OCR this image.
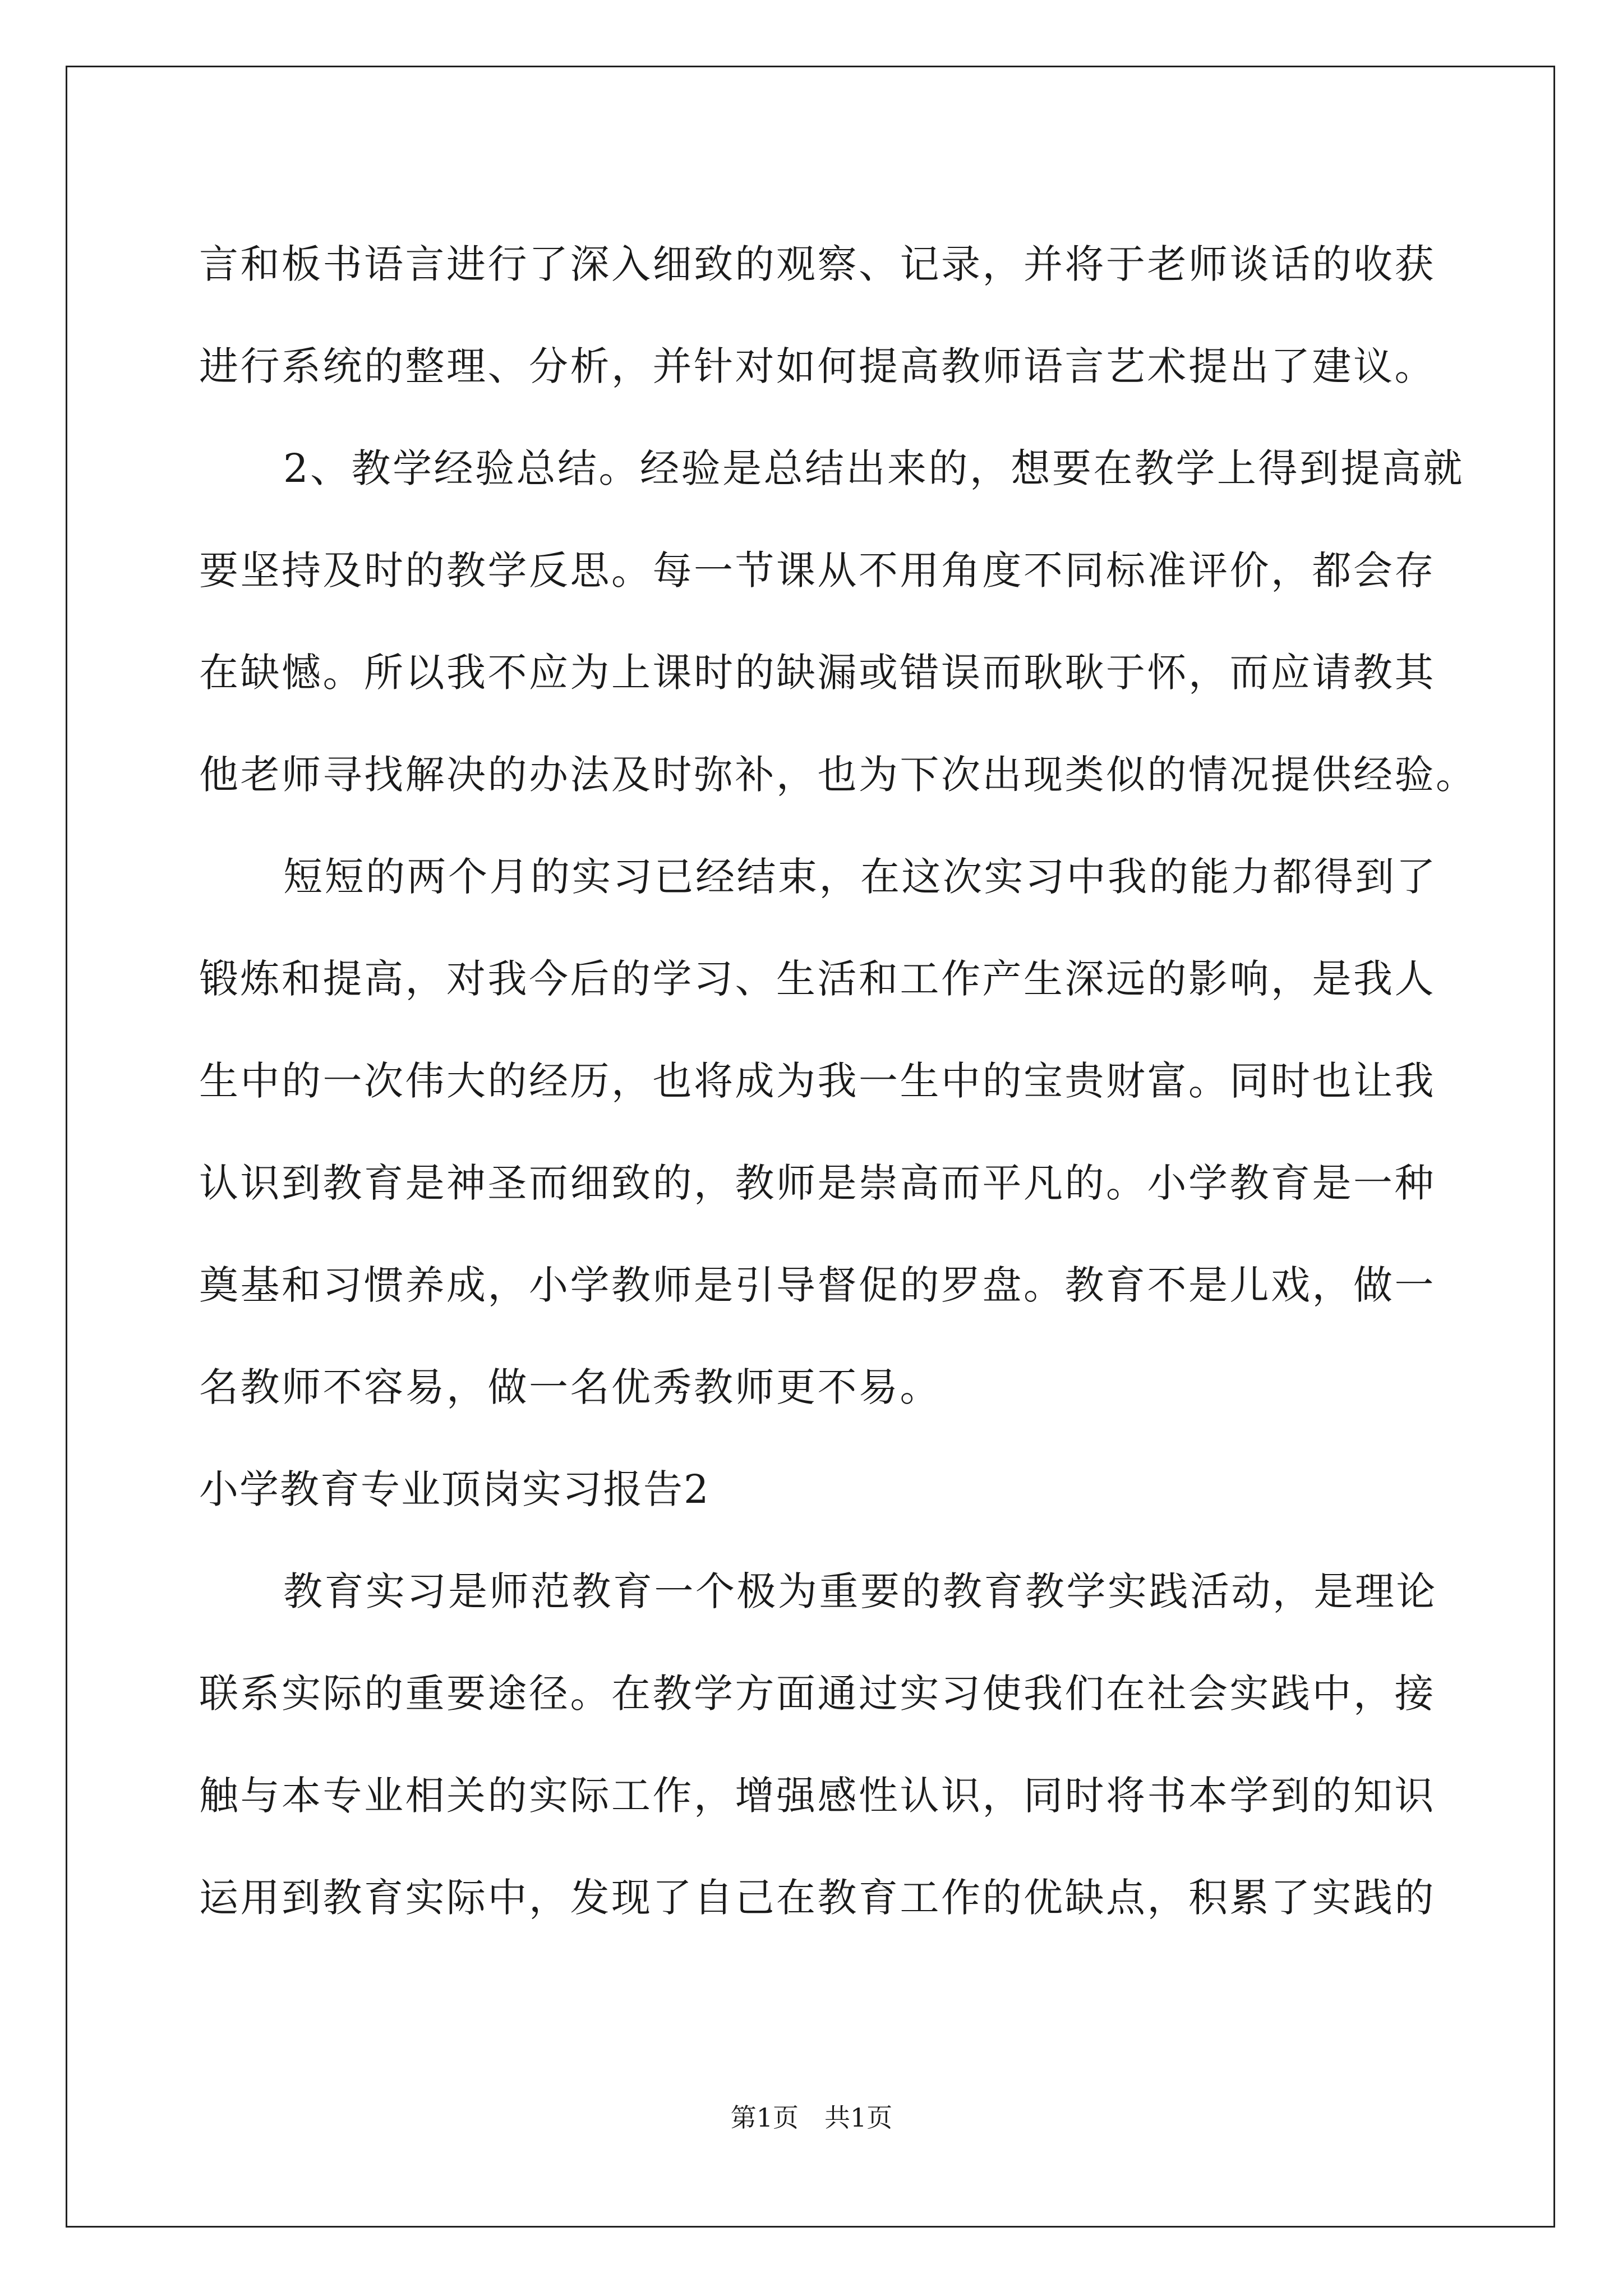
言和板书语言进行了深入细致的观察、记录，并将于老师谈话的收获
进行系统的整理、分析，并针对如何提高教师语言艺术提出了建议。
2、教学经验总结。经验是总结出来的，想要在教学上得到提高就
要坚持及时的教学反思。每一节课从不用角度不同标准评价，都会存
在缺憾。所以我不应为上课时的缺漏或错误而耿耿于怀，而应请教其
他老师寻找解决的办法及时弥补，也为下次出现类似的情况提供经验。
短短的两个月的实习已经结束，在这次实习中我的能力都得到了
锻炼和提高，对我今后的学习、生活和工作产生深远的影响，是我人
生中的一次伟大的经历，也将成为我一生中的宝贵财富。同时也让我
认识到教育是神圣而细致的，教师是崇高而平凡的。小学教育是一种
奠基和习惯养成，小学教师是引导督促的罗盘。教育不是儿戏，做一
名教师不容易，做一名优秀教师更不易。
小学教育专业顶岗实习报告2
教育实习是师范教育一个极为重要的教育教学实践活动，是理论
联系实际的重要途径。在教学方面通过实习使我们在社会实践中，接
触与本专业相关的实际工作，增强感性认识，同时将书本学到的知识
运用到教育实际中，发现了自己在教育工作的优缺点，积累了实践的
第1页　共1页
